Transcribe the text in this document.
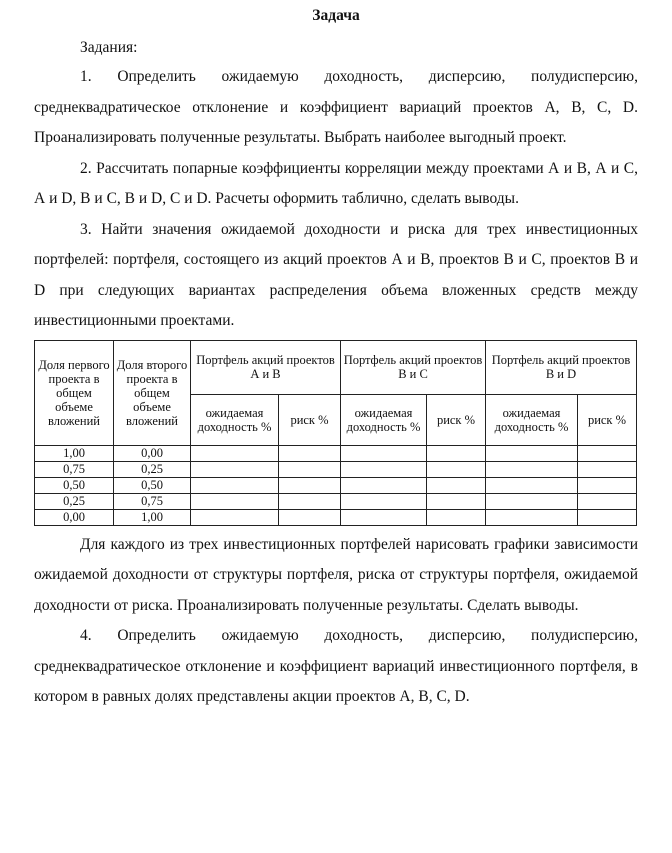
Задача
Задания:

1. Определить ожидаемую доходность, дисперсию, полудисперсию, среднеквадратическое отклонение и коэффициент вариаций проектов А, В, С, D. Проанализировать полученные результаты. Выбрать наиболее выгодный проект.

2. Рассчитать попарные коэффициенты корреляции между проектами А и В, А и С, А и D, В и С, В и D, С и D. Расчеты оформить таблично, сделать выводы.

3. Найти значения ожидаемой доходности и риска для трех инвестиционных портфелей: портфеля, состоящего из акций проектов А и В, проектов В и С, проектов В и D при следующих вариантах распределения объема вложенных средств между инвестиционными проектами.

Доля первого проекта в общем объеме вложений	Доля второго проекта в общем объеме вложений	Портфель акций проектов А и В		Портфель акций проектов В и С		Портфель акций проектов В и D	
		ожидаемая доходность %	риск %	ожидаемая доходность %	риск %	ожидаемая доходность %	риск %
1,00	0,00						
0,75	0,25						
0,50	0,50						
0,25	0,75						
0,00	1,00						

Для каждого из трех инвестиционных портфелей нарисовать графики зависимости ожидаемой доходности от структуры портфеля, риска от структуры портфеля, ожидаемой доходности от риска. Проанализировать полученные результаты. Сделать выводы.

4. Определить ожидаемую доходность, дисперсию, полудисперсию, среднеквадратическое отклонение и коэффициент вариаций инвестиционного портфеля, в котором в равных долях представлены акции проектов А, В, С, D.
